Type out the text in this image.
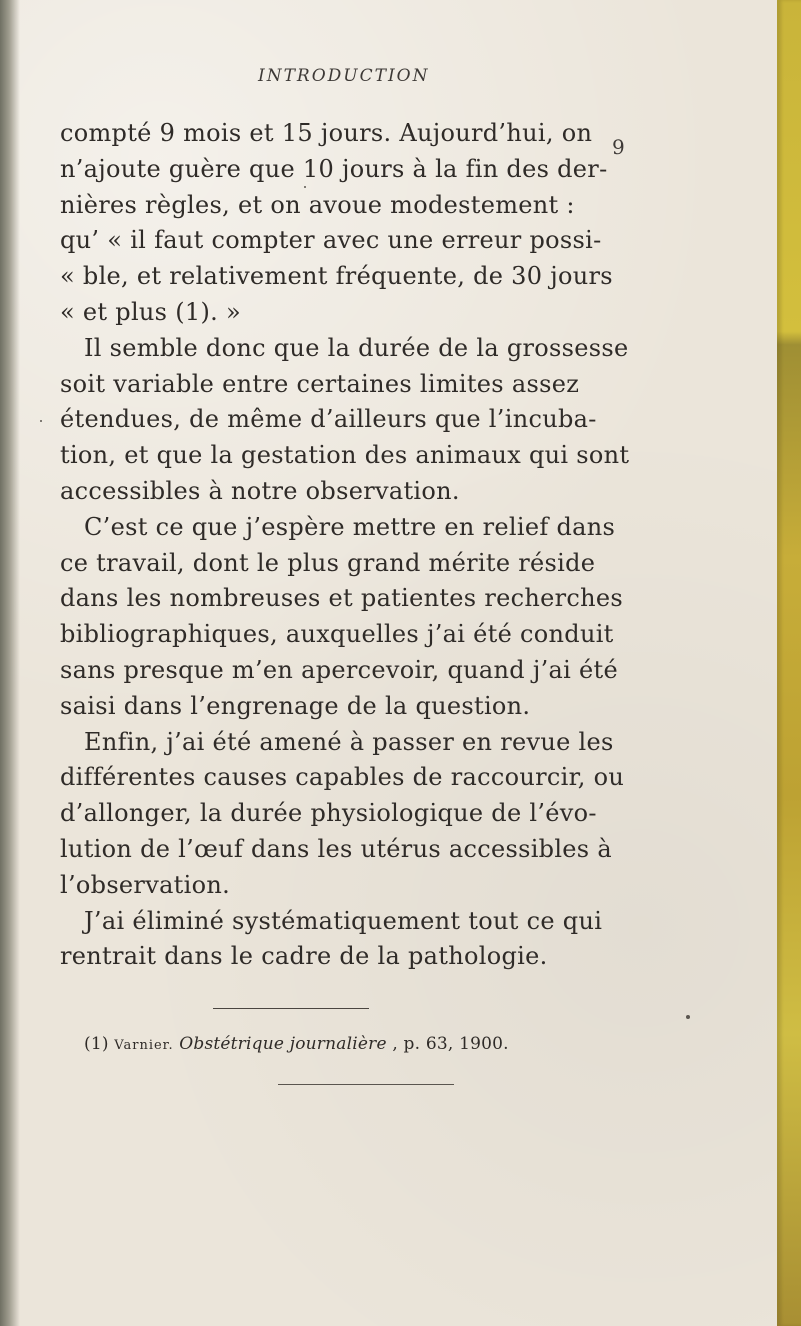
INTRODUCTION
9
compté 9 mois et 15 jours. Aujourd’hui, on
n’ajoute guère que 10 jours à la fin des der-
nières règles, et on avoue modestement :
qu’ « il faut compter avec une erreur possi-
« ble, et relativement fréquente, de 30 jours
« et plus (1). »
Il semble donc que la durée de la grossesse
soit variable entre certaines limites assez
étendues, de même d’ailleurs que l’incuba-
tion, et que la gestation des animaux qui sont
accessibles à notre observation.
C’est ce que j’espère mettre en relief dans
ce travail, dont le plus grand mérite réside
dans les nombreuses et patientes recherches
bibliographiques, auxquelles j’ai été conduit
sans presque m’en apercevoir, quand j’ai été
saisi dans l’engrenage de la question.
Enfin, j’ai été amené à passer en revue les
différentes causes capables de raccourcir, ou
d’allonger, la durée physiologique de l’évo-
lution de l’œuf dans les utérus accessibles à
l’observation.
J’ai éliminé systématiquement tout ce qui
rentrait dans le cadre de la pathologie.
(1) Varnier. Obstétrique journalière , p. 63, 1900.
